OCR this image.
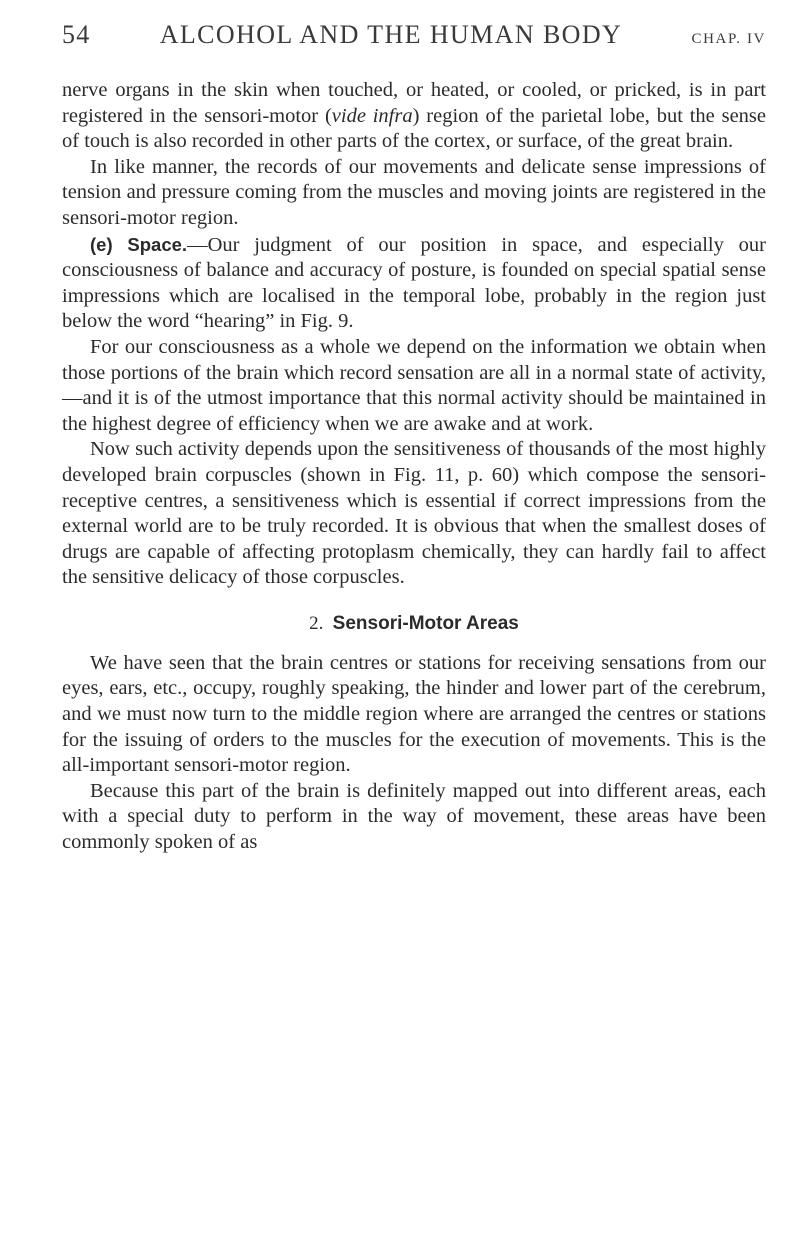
54	ALCOHOL AND THE HUMAN BODY	CHAP. IV

nerve organs in the skin when touched, or heated, or cooled, or pricked, is in part registered in the sensori-motor (vide infra) region of the parietal lobe, but the sense of touch is also recorded in other parts of the cortex, or surface, of the great brain.

In like manner, the records of our movements and delicate sense impressions of tension and pressure coming from the muscles and moving joints are registered in the sensori-motor region.

(e) Space.—Our judgment of our position in space, and especially our consciousness of balance and accuracy of posture, is founded on special spatial sense impressions which are localised in the temporal lobe, probably in the region just below the word “hearing” in Fig. 9.

For our consciousness as a whole we depend on the information we obtain when those portions of the brain which record sensation are all in a normal state of activity,—and it is of the utmost importance that this normal activity should be maintained in the highest degree of efficiency when we are awake and at work.

Now such activity depends upon the sensitiveness of thousands of the most highly developed brain corpuscles (shown in Fig. 11, p. 60) which compose the sensori-receptive centres, a sensitiveness which is essential if correct impressions from the external world are to be truly recorded. It is obvious that when the smallest doses of drugs are capable of affecting protoplasm chemically, they can hardly fail to affect the sensitive delicacy of those corpuscles.

2. Sensori-Motor Areas

We have seen that the brain centres or stations for receiving sensations from our eyes, ears, etc., occupy, roughly speaking, the hinder and lower part of the cerebrum, and we must now turn to the middle region where are arranged the centres or stations for the issuing of orders to the muscles for the execution of movements. This is the all-important sensori-motor region.

Because this part of the brain is definitely mapped out into different areas, each with a special duty to perform in the way of movement, these areas have been commonly spoken of as
